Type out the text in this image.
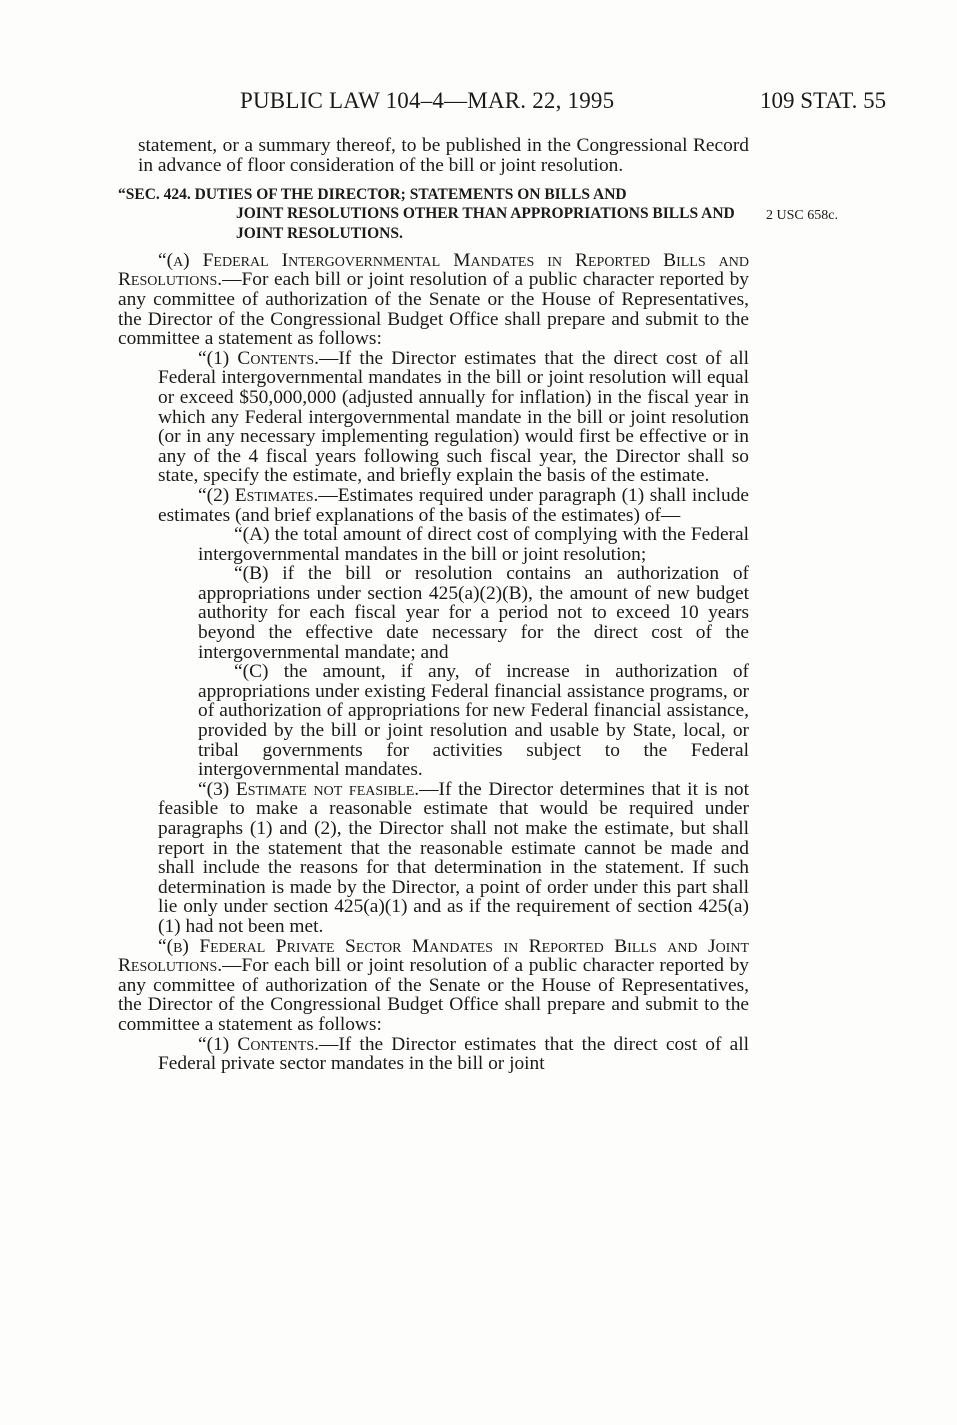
PUBLIC LAW 104–4—MAR. 22, 1995	109 STAT. 55
2 USC 658c.

statement, or a summary thereof, to be published in the Congressional Record in advance of floor consideration of the bill or joint resolution.

“SEC. 424. DUTIES OF THE DIRECTOR; STATEMENTS ON BILLS AND
JOINT RESOLUTIONS OTHER THAN APPROPRIATIONS BILLS AND JOINT RESOLUTIONS.

“(a) Federal Intergovernmental Mandates in Reported Bills and Resolutions.—For each bill or joint resolution of a public character reported by any committee of authorization of the Senate or the House of Representatives, the Director of the Congressional Budget Office shall prepare and submit to the committee a statement as follows:

“(1) Contents.—If the Director estimates that the direct cost of all Federal intergovernmental mandates in the bill or joint resolution will equal or exceed $50,000,000 (adjusted annually for inflation) in the fiscal year in which any Federal intergovernmental mandate in the bill or joint resolution (or in any necessary implementing regulation) would first be effective or in any of the 4 fiscal years following such fiscal year, the Director shall so state, specify the estimate, and briefly explain the basis of the estimate.

“(2) Estimates.—Estimates required under paragraph (1) shall include estimates (and brief explanations of the basis of the estimates) of—

“(A) the total amount of direct cost of complying with the Federal intergovernmental mandates in the bill or joint resolution;

“(B) if the bill or resolution contains an authorization of appropriations under section 425(a)(2)(B), the amount of new budget authority for each fiscal year for a period not to exceed 10 years beyond the effective date necessary for the direct cost of the intergovernmental mandate; and

“(C) the amount, if any, of increase in authorization of appropriations under existing Federal financial assistance programs, or of authorization of appropriations for new Federal financial assistance, provided by the bill or joint resolution and usable by State, local, or tribal governments for activities subject to the Federal intergovernmental mandates.

“(3) Estimate not feasible.—If the Director determines that it is not feasible to make a reasonable estimate that would be required under paragraphs (1) and (2), the Director shall not make the estimate, but shall report in the statement that the reasonable estimate cannot be made and shall include the reasons for that determination in the statement. If such determination is made by the Director, a point of order under this part shall lie only under section 425(a)(1) and as if the requirement of section 425(a)(1) had not been met.

“(b) Federal Private Sector Mandates in Reported Bills and Joint Resolutions.—For each bill or joint resolution of a public character reported by any committee of authorization of the Senate or the House of Representatives, the Director of the Congressional Budget Office shall prepare and submit to the committee a statement as follows:

“(1) Contents.—If the Director estimates that the direct cost of all Federal private sector mandates in the bill or joint
